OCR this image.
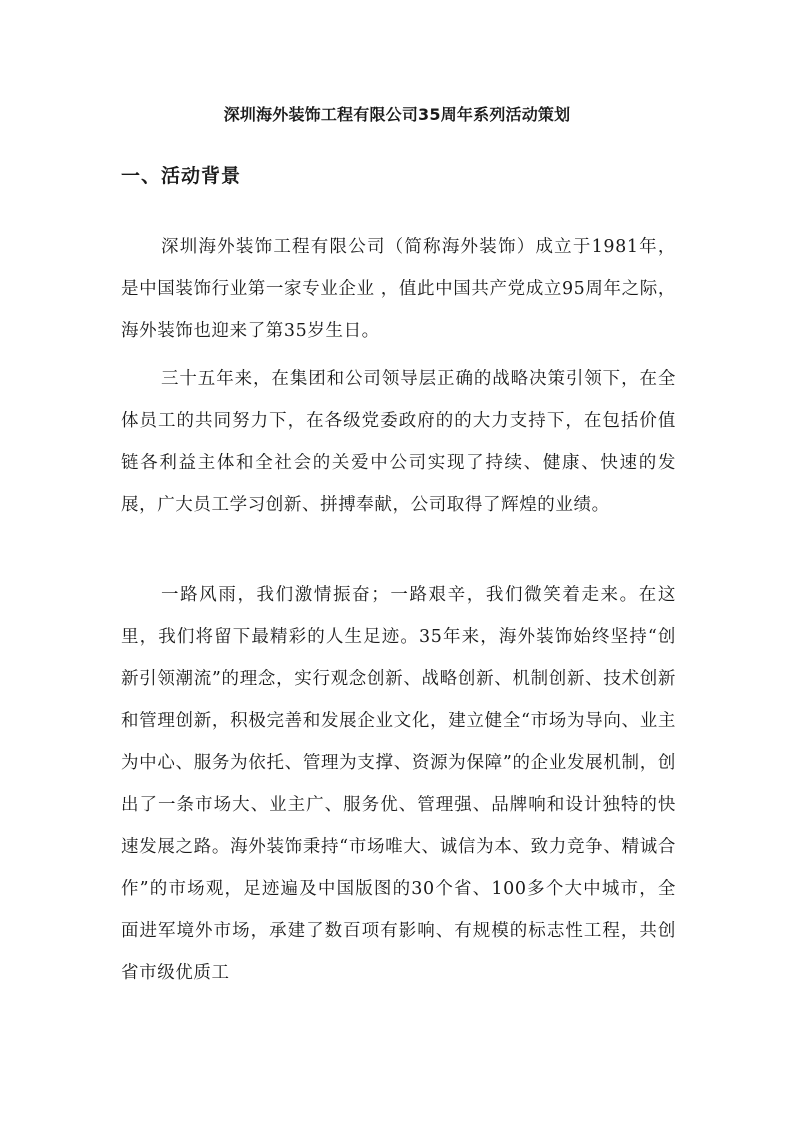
深圳海外装饰工程有限公司35周年系列活动策划
一、活动背景

深圳海外装饰工程有限公司（简称海外装饰）成立于1981年，是中国装饰行业第一家专业企业 ，值此中国共产党成立95周年之际，海外装饰也迎来了第35岁生日。

三十五年来，在集团和公司领导层正确的战略决策引领下，在全体员工的共同努力下，在各级党委政府的的大力支持下，在包括价值链各利益主体和全社会的关爱中公司实现了持续、健康、快速的发展，广大员工学习创新、拼搏奉献，公司取得了辉煌的业绩。

一路风雨，我们激情振奋；一路艰辛，我们微笑着走来。在这里，我们将留下最精彩的人生足迹。35年来，海外装饰始终坚持“创新引领潮流”的理念，实行观念创新、战略创新、机制创新、技术创新和管理创新，积极完善和发展企业文化，建立健全“市场为导向、业主为中心、服务为依托、管理为支撑、资源为保障”的企业发展机制，创出了一条市场大、业主广、服务优、管理强、品牌响和设计独特的快速发展之路。海外装饰秉持“市场唯大、诚信为本、致力竞争、精诚合作”的市场观，足迹遍及中国版图的30个省、100多个大中城市，全面进军境外市场，承建了数百项有影响、有规模的标志性工程，共创省市级优质工
